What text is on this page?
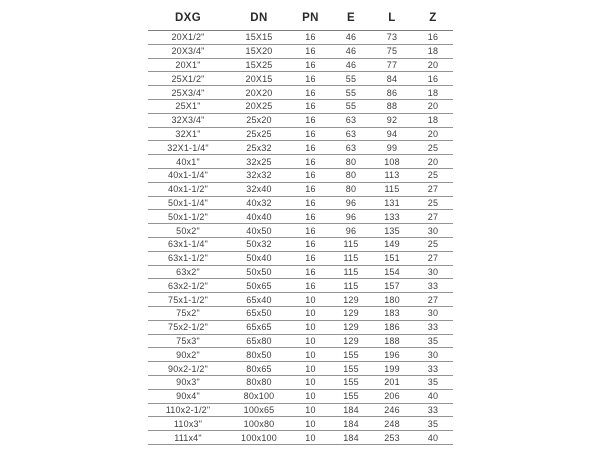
DXG	DN	PN	E	L	Z
20X1/2"	15X15	16	46	73	16
20X3/4"	15X20	16	46	75	18
20X1"	15X25	16	46	77	20
25X1/2"	20X15	16	55	84	16
25X3/4"	20X20	16	55	86	18
25X1"	20X25	16	55	88	20
32X3/4"	25x20	16	63	92	18
32X1"	25x25	16	63	94	20
32X1-1/4"	25x32	16	63	99	25
40x1"	32x25	16	80	108	20
40x1-1/4"	32x32	16	80	113	25
40x1-1/2"	32x40	16	80	115	27
50x1-1/4"	40x32	16	96	131	25
50x1-1/2"	40x40	16	96	133	27
50x2"	40x50	16	96	135	30
63x1-1/4"	50x32	16	115	149	25
63x1-1/2"	50x40	16	115	151	27
63x2"	50x50	16	115	154	30
63x2-1/2"	50x65	16	115	157	33
75x1-1/2"	65x40	10	129	180	27
75x2"	65x50	10	129	183	30
75x2-1/2"	65x65	10	129	186	33
75x3"	65x80	10	129	188	35
90x2"	80x50	10	155	196	30
90x2-1/2"	80x65	10	155	199	33
90x3"	80x80	10	155	201	35
90x4"	80x100	10	155	206	40
110x2-1/2"	100x65	10	184	246	33
110x3"	100x80	10	184	248	35
111x4"	100x100	10	184	253	40
